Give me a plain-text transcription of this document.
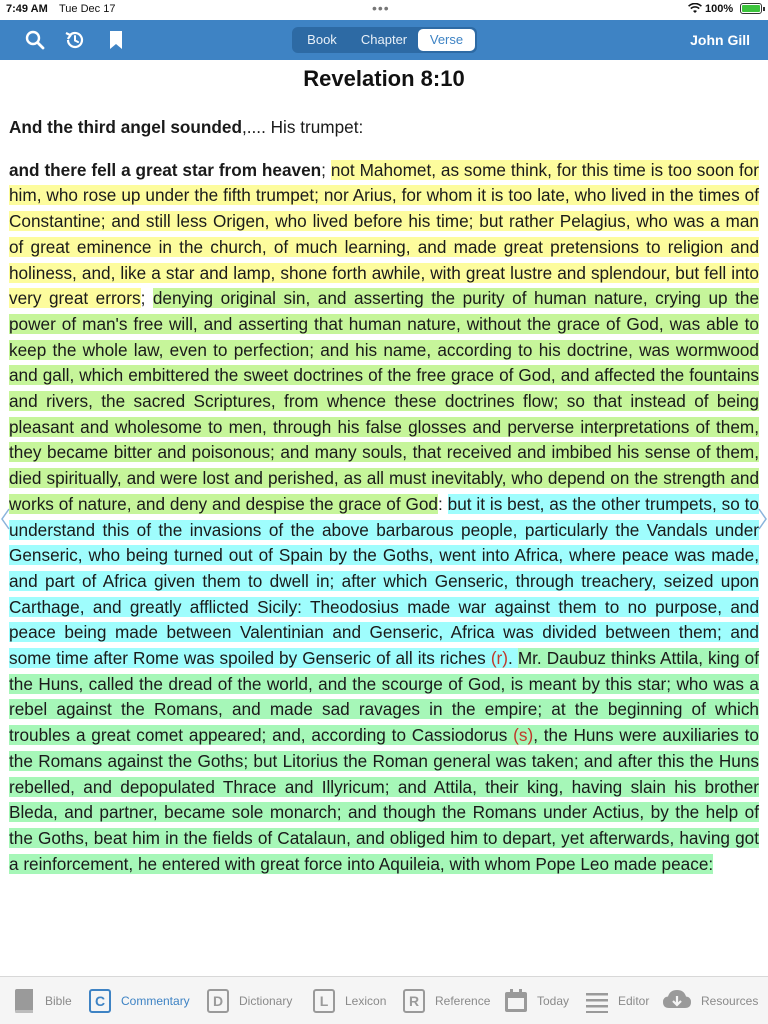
7:49 AM Tue Dec 17	•••	100%
Book	Chapter	Verse	John Gill
Revelation 8:10

And the third angel sounded,.... His trumpet:

and there fell a great star from heaven; not Mahomet, as some think, for this time is too soon for him, who rose up under the fifth trumpet; nor Arius, for whom it is too late, who lived in the times of Constantine; and still less Origen, who lived before his time; but rather Pelagius, who was a man of great eminence in the church, of much learning, and made great pretensions to religion and holiness, and, like a star and lamp, shone forth awhile, with great lustre and splendour, but fell into very great errors; denying original sin, and asserting the purity of human nature, crying up the power of man's free will, and asserting that human nature, without the grace of God, was able to keep the whole law, even to perfection; and his name, according to his doctrine, was wormwood and gall, which embittered the sweet doctrines of the free grace of God, and affected the fountains and rivers, the sacred Scriptures, from whence these doctrines flow; so that instead of being pleasant and wholesome to men, through his false glosses and perverse interpretations of them, they became bitter and poisonous; and many souls, that received and imbibed his sense of them, died spiritually, and were lost and perished, as all must inevitably, who depend on the strength and works of nature, and deny and despise the grace of God: but it is best, as the other trumpets, so to understand this of the invasions of the above barbarous people, particularly the Vandals under Genseric, who being turned out of Spain by the Goths, went into Africa, where peace was made, and part of Africa given them to dwell in; after which Genseric, through treachery, seized upon Carthage, and greatly afflicted Sicily: Theodosius made war against them to no purpose, and peace being made between Valentinian and Genseric, Africa was divided between them; and some time after Rome was spoiled by Genseric of all its riches (r). Mr. Daubuz thinks Attila, king of the Huns, called the dread of the world, and the scourge of God, is meant by this star; who was a rebel against the Romans, and made sad ravages in the empire; at the beginning of which troubles a great comet appeared; and, according to Cassiodorus (s), the Huns were auxiliaries to the Romans against the Goths; but Litorius the Roman general was taken; and after this the Huns rebelled, and depopulated Thrace and Illyricum; and Attila, their king, having slain his brother Bleda, and partner, became sole monarch; and though the Romans under Actius, by the help of the Goths, beat him in the fields of Catalaun, and obliged him to depart, yet afterwards, having got a reinforcement, he entered with great force into Aquileia, with whom Pope Leo made peace:

Bible	C	Commentary	D	Dictionary	L	Lexicon	R	Reference	Today	Editor	Resources
